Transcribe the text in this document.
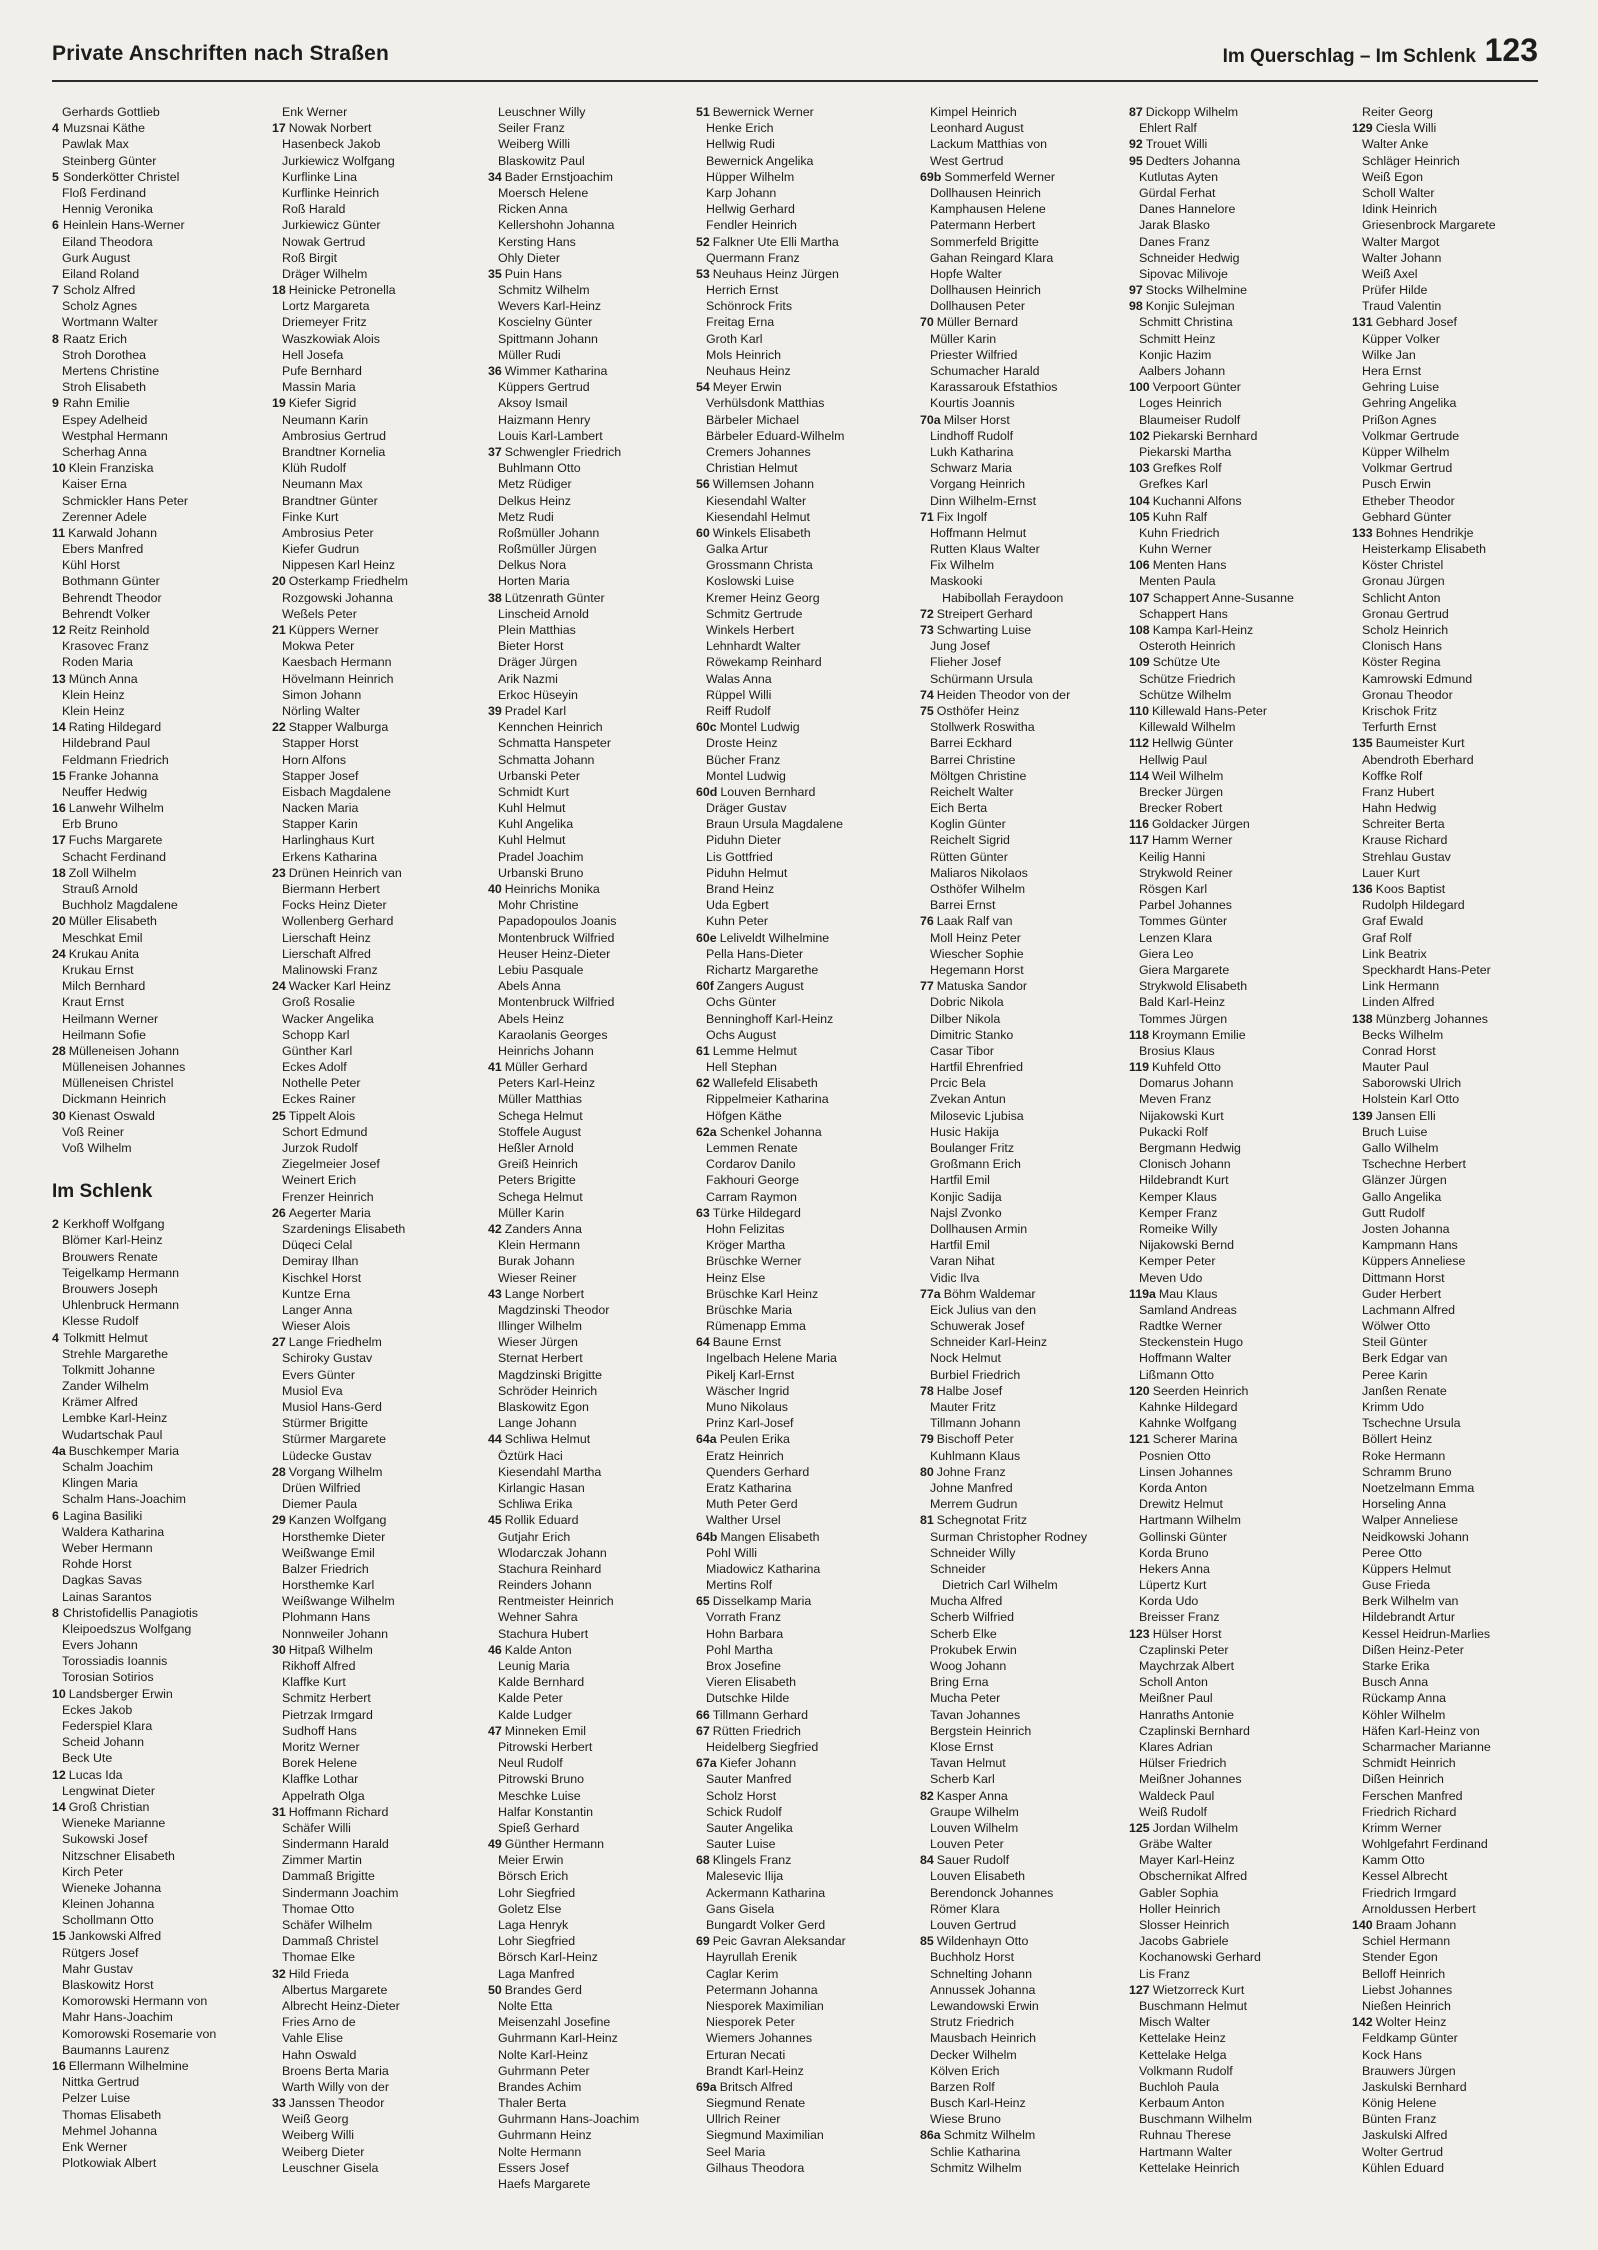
Private Anschriften nach Straßen	Im Querschlag – Im Schlenk 123
Gerhards Gottlieb
4 Muzsnai Käthe
Pawlak Max
Steinberg Günter
5 Sonderkötter Christel
Floß Ferdinand
Hennig Veronika
6 Heinlein Hans-Werner
Eiland Theodora
Gurk August
Eiland Roland
7 Scholz Alfred
Scholz Agnes
Wortmann Walter
8 Raatz Erich
Stroh Dorothea
Mertens Christine
Stroh Elisabeth
9 Rahn Emilie
Espey Adelheid
Westphal Hermann
Scherhag Anna
10 Klein Franziska
Kaiser Erna
Schmickler Hans Peter
Zerenner Adele
11 Karwald Johann
Ebers Manfred
Kühl Horst
Bothmann Günter
Behrendt Theodor
Behrendt Volker
12 Reitz Reinhold
Krasovec Franz
Roden Maria
13 Münch Anna
Klein Heinz
Klein Heinz
14 Rating Hildegard
Hildebrand Paul
Feldmann Friedrich
15 Franke Johanna
Neuffer Hedwig
16 Lanwehr Wilhelm
Erb Bruno
17 Fuchs Margarete
Schacht Ferdinand
18 Zoll Wilhelm
Strauß Arnold
Buchholz Magdalene
20 Müller Elisabeth
Meschkat Emil
24 Krukau Anita
Krukau Ernst
Milch Bernhard
Kraut Ernst
Heilmann Werner
Heilmann Sofie
28 Mülleneisen Johann
Mülleneisen Johannes
Mülleneisen Christel
Dickmann Heinrich
30 Kienast Oswald
Voß Reiner
Voß Wilhelm
Im Schlenk
2 Kerkhoff Wolfgang
Blömer Karl-Heinz
Brouwers Renate
Teigelkamp Hermann
Brouwers Joseph
Uhlenbruck Hermann
Klesse Rudolf
4 Tolkmitt Helmut
Strehle Margarethe
Tolkmitt Johanne
Zander Wilhelm
Krämer Alfred
Lembke Karl-Heinz
Wudartschak Paul
4a Buschkemper Maria
Schalm Joachim
Klingen Maria
Schalm Hans-Joachim
6 Lagina Basiliki
Waldera Katharina
Weber Hermann
Rohde Horst
Dagkas Savas
Lainas Sarantos
8 Christofidellis Panagiotis
Kleipoedszus Wolfgang
Evers Johann
Torossiadis Ioannis
Torosian Sotirios
10 Landsberger Erwin
Eckes Jakob
Federspiel Klara
Scheid Johann
Beck Ute
12 Lucas Ida
Lengwinat Dieter
14 Groß Christian
Wieneke Marianne
Sukowski Josef
Nitzschner Elisabeth
Kirch Peter
Wieneke Johanna
Kleinen Johanna
Schollmann Otto
15 Jankowski Alfred
Rütgers Josef
Mahr Gustav
Blaskowitz Horst
Komorowski Hermann von
Mahr Hans-Joachim
Komorowski Rosemarie von
Baumanns Laurenz
16 Ellermann Wilhelmine
Nittka Gertrud
Pelzer Luise
Thomas Elisabeth
Mehmel Johanna
Enk Werner
Plotkowiak Albert
Enk Werner
17 Nowak Norbert
Hasenbeck Jakob
Jurkiewicz Wolfgang
Kurflinke Lina
Kurflinke Heinrich
Roß Harald
Jurkiewicz Günter
Nowak Gertrud
Roß Birgit
Dräger Wilhelm
18 Heinicke Petronella
Lortz Margareta
Driemeyer Fritz
Waszkowiak Alois
Hell Josefa
Pufe Bernhard
Massin Maria
19 Kiefer Sigrid
Neumann Karin
Ambrosius Gertrud
Brandtner Kornelia
Klüh Rudolf
Neumann Max
Brandtner Günter
Finke Kurt
Ambrosius Peter
Kiefer Gudrun
Nippesen Karl Heinz
20 Osterkamp Friedhelm
Rozgowski Johanna
Weßels Peter
21 Küppers Werner
Mokwa Peter
Kaesbach Hermann
Hövelmann Heinrich
Simon Johann
Nörling Walter
22 Stapper Walburga
Stapper Horst
Horn Alfons
Stapper Josef
Eisbach Magdalene
Nacken Maria
Stapper Karin
Harlinghaus Kurt
Erkens Katharina
23 Drünen Heinrich van
Biermann Herbert
Focks Heinz Dieter
Wollenberg Gerhard
Lierschaft Heinz
Lierschaft Alfred
Malinowski Franz
24 Wacker Karl Heinz
Groß Rosalie
Wacker Angelika
Schopp Karl
Günther Karl
Eckes Adolf
Nothelle Peter
Eckes Rainer
25 Tippelt Alois
Schort Edmund
Jurzok Rudolf
Ziegelmeier Josef
Weinert Erich
Frenzer Heinrich
26 Aegerter Maria
Szardenings Elisabeth
Düqeci Celal
Demiray Ilhan
Kischkel Horst
Kuntze Erna
Langer Anna
Wieser Alois
27 Lange Friedhelm
Schiroky Gustav
Evers Günter
Musiol Eva
Musiol Hans-Gerd
Stürmer Brigitte
Stürmer Margarete
Lüdecke Gustav
28 Vorgang Wilhelm
Drüen Wilfried
Diemer Paula
29 Kanzen Wolfgang
Horsthemke Dieter
Weißwange Emil
Balzer Friedrich
Horsthemke Karl
Weißwange Wilhelm
Plohmann Hans
Nonnweiler Johann
30 Hitpaß Wilhelm
Rikhoff Alfred
Klaffke Kurt
Schmitz Herbert
Pietrzak Irmgard
Sudhoff Hans
Moritz Werner
Borek Helene
Klaffke Lothar
Appelrath Olga
31 Hoffmann Richard
Schäfer Willi
Sindermann Harald
Zimmer Martin
Dammaß Brigitte
Sindermann Joachim
Thomae Otto
Schäfer Wilhelm
Dammaß Christel
Thomae Elke
32 Hild Frieda
Albertus Margarete
Albrecht Heinz-Dieter
Fries Arno de
Vahle Elise
Hahn Oswald
Broens Berta Maria
Warth Willy von der
33 Janssen Theodor
Weiß Georg
Weiberg Willi
Weiberg Dieter
Leuschner Gisela
Leuschner Willy
Seiler Franz
Weiberg Willi
Blaskowitz Paul
34 Bader Ernstjoachim
Moersch Helene
Ricken Anna
Kellershohn Johanna
Kersting Hans
Ohly Dieter
35 Puin Hans
Schmitz Wilhelm
Wevers Karl-Heinz
Koscielny Günter
Spittmann Johann
Müller Rudi
36 Wimmer Katharina
Küppers Gertrud
Aksoy Ismail
Haizmann Henry
Louis Karl-Lambert
37 Schwengler Friedrich
Buhlmann Otto
Metz Rüdiger
Delkus Heinz
Metz Rudi
Roßmüller Johann
Roßmüller Jürgen
Delkus Nora
Horten Maria
38 Lützenrath Günter
Linscheid Arnold
Plein Matthias
Bieter Horst
Dräger Jürgen
Arik Nazmi
Erkoc Hüseyin
39 Pradel Karl
Kennchen Heinrich
Schmatta Hanspeter
Schmatta Johann
Urbanski Peter
Schmidt Kurt
Kuhl Helmut
Kuhl Angelika
Kuhl Helmut
Pradel Joachim
Urbanski Bruno
40 Heinrichs Monika
Mohr Christine
Papadopoulos Joanis
Montenbruck Wilfried
Heuser Heinz-Dieter
Lebiu Pasquale
Abels Anna
Montenbruck Wilfried
Abels Heinz
Karaolanis Georges
Heinrichs Johann
41 Müller Gerhard
Peters Karl-Heinz
Müller Matthias
Schega Helmut
Stoffele August
Heßler Arnold
Greiß Heinrich
Peters Brigitte
Schega Helmut
Müller Karin
42 Zanders Anna
Klein Hermann
Burak Johann
Wieser Reiner
43 Lange Norbert
Magdzinski Theodor
Illinger Wilhelm
Wieser Jürgen
Sternat Herbert
Magdzinski Brigitte
Schröder Heinrich
Blaskowitz Egon
Lange Johann
44 Schliwa Helmut
Öztürk Haci
Kiesendahl Martha
Kirlangic Hasan
Schliwa Erika
45 Rollik Eduard
Gutjahr Erich
Wlodarczak Johann
Stachura Reinhard
Reinders Johann
Rentmeister Heinrich
Wehner Sahra
Stachura Hubert
46 Kalde Anton
Leunig Maria
Kalde Bernhard
Kalde Peter
Kalde Ludger
47 Minneken Emil
Pitrowski Herbert
Neul Rudolf
Pitrowski Bruno
Meschke Luise
Halfar Konstantin
Spieß Gerhard
49 Günther Hermann
Meier Erwin
Börsch Erich
Lohr Siegfried
Goletz Else
Laga Henryk
Lohr Siegfried
Börsch Karl-Heinz
Laga Manfred
50 Brandes Gerd
Nolte Etta
Meisenzahl Josefine
Guhrmann Karl-Heinz
Nolte Karl-Heinz
Guhrmann Peter
Brandes Achim
Thaler Berta
Guhrmann Hans-Joachim
Guhrmann Heinz
Nolte Hermann
Essers Josef
Haefs Margarete
51 Bewernick Werner
Henke Erich
Hellwig Rudi
Bewernick Angelika
Hüpper Wilhelm
Karp Johann
Hellwig Gerhard
Fendler Heinrich
52 Falkner Ute Elli Martha
Quermann Franz
53 Neuhaus Heinz Jürgen
Herrich Ernst
Schönrock Frits
Freitag Erna
Groth Karl
Mols Heinrich
Neuhaus Heinz
54 Meyer Erwin
Verhülsdonk Matthias
Bärbeler Michael
Bärbeler Eduard-Wilhelm
Cremers Johannes
Christian Helmut
56 Willemsen Johann
Kiesendahl Walter
Kiesendahl Helmut
60 Winkels Elisabeth
Galka Artur
Grossmann Christa
Koslowski Luise
Kremer Heinz Georg
Schmitz Gertrude
Winkels Herbert
Lehnhardt Walter
Röwekamp Reinhard
Walas Anna
Rüppel Willi
Reiff Rudolf
60c Montel Ludwig
Droste Heinz
Bücher Franz
Montel Ludwig
60d Louven Bernhard
Dräger Gustav
Braun Ursula Magdalene
Piduhn Dieter
Lis Gottfried
Piduhn Helmut
Brand Heinz
Uda Egbert
Kuhn Peter
60e Leliveldt Wilhelmine
Pella Hans-Dieter
Richartz Margarethe
60f Zangers August
Ochs Günter
Benninghoff Karl-Heinz
Ochs August
61 Lemme Helmut
Hell Stephan
62 Wallefeld Elisabeth
Rippelmeier Katharina
Höfgen Käthe
62a Schenkel Johanna
Lemmen Renate
Cordarov Danilo
Fakhouri George
Carram Raymon
63 Türke Hildegard
Hohn Felizitas
Kröger Martha
Brüschke Werner
Heinz Else
Brüschke Karl Heinz
Brüschke Maria
Rümenapp Emma
64 Baune Ernst
Ingelbach Helene Maria
Pikelj Karl-Ernst
Wäscher Ingrid
Muno Nikolaus
Prinz Karl-Josef
64a Peulen Erika
Eratz Heinrich
Quenders Gerhard
Eratz Katharina
Muth Peter Gerd
Walther Ursel
64b Mangen Elisabeth
Pohl Willi
Miadowicz Katharina
Mertins Rolf
65 Disselkamp Maria
Vorrath Franz
Hohn Barbara
Pohl Martha
Brox Josefine
Vieren Elisabeth
Dutschke Hilde
66 Tillmann Gerhard
67 Rütten Friedrich
Heidelberg Siegfried
67a Kiefer Johann
Sauter Manfred
Scholz Horst
Schick Rudolf
Sauter Angelika
Sauter Luise
68 Klingels Franz
Malesevic Ilija
Ackermann Katharina
Gans Gisela
Bungardt Volker Gerd
69 Peic Gavran Aleksandar
Hayrullah Erenik
Caglar Kerim
Petermann Johanna
Niesporek Maximilian
Niesporek Peter
Wiemers Johannes
Erturan Necati
Brandt Karl-Heinz
69a Britsch Alfred
Siegmund Renate
Ullrich Reiner
Siegmund Maximilian
Seel Maria
Gilhaus Theodora
Kimpel Heinrich
Leonhard August
Lackum Matthias von
West Gertrud
69b Sommerfeld Werner
Dollhausen Heinrich
Kamphausen Helene
Patermann Herbert
Sommerfeld Brigitte
Gahan Reingard Klara
Hopfe Walter
Dollhausen Heinrich
Dollhausen Peter
70 Müller Bernard
Müller Karin
Priester Wilfried
Schumacher Harald
Karassarouk Efstathios
Kourtis Joannis
70a Milser Horst
Lindhoff Rudolf
Lukh Katharina
Schwarz Maria
Vorgang Heinrich
Dinn Wilhelm-Ernst
71 Fix Ingolf
Hoffmann Helmut
Rutten Klaus Walter
Fix Wilhelm
Maskooki
Habibollah Feraydoon
72 Streipert Gerhard
73 Schwarting Luise
Jung Josef
Flieher Josef
Schürmann Ursula
74 Heiden Theodor von der
75 Osthöfer Heinz
Stollwerk Roswitha
Barrei Eckhard
Barrei Christine
Möltgen Christine
Reichelt Walter
Eich Berta
Koglin Günter
Reichelt Sigrid
Rütten Günter
Maliaros Nikolaos
Osthöfer Wilhelm
Barrei Ernst
76 Laak Ralf van
Moll Heinz Peter
Wiescher Sophie
Hegemann Horst
77 Matuska Sandor
Dobric Nikola
Dilber Nikola
Dimitric Stanko
Casar Tibor
Hartfil Ehrenfried
Prcic Bela
Zvekan Antun
Milosevic Ljubisa
Husic Hakija
Boulanger Fritz
Großmann Erich
Hartfil Emil
Konjic Sadija
Najsl Zvonko
Dollhausen Armin
Hartfil Emil
Varan Nihat
Vidic Ilva
77a Böhm Waldemar
Eick Julius van den
Schuwerak Josef
Schneider Karl-Heinz
Nock Helmut
Burbiel Friedrich
78 Halbe Josef
Mauter Fritz
Tillmann Johann
79 Bischoff Peter
Kuhlmann Klaus
80 Johne Franz
Johne Manfred
Merrem Gudrun
81 Schegnotat Fritz
Surman Christopher Rodney
Schneider Willy
Schneider
Dietrich Carl Wilhelm
Mucha Alfred
Scherb Wilfried
Scherb Elke
Prokubek Erwin
Woog Johann
Bring Erna
Mucha Peter
Tavan Johannes
Bergstein Heinrich
Klose Ernst
Tavan Helmut
Scherb Karl
82 Kasper Anna
Graupe Wilhelm
Louven Wilhelm
Louven Peter
84 Sauer Rudolf
Louven Elisabeth
Berendonck Johannes
Römer Klara
Louven Gertrud
85 Wildenhayn Otto
Buchholz Horst
Schnelting Johann
Annussek Johanna
Lewandowski Erwin
Strutz Friedrich
Mausbach Heinrich
Decker Wilhelm
Kölven Erich
Barzen Rolf
Busch Karl-Heinz
Wiese Bruno
86a Schmitz Wilhelm
Schlie Katharina
Schmitz Wilhelm
87 Dickopp Wilhelm
Ehlert Ralf
92 Trouet Willi
95 Dedters Johanna
Kutlutas Ayten
Gürdal Ferhat
Danes Hannelore
Jarak Blasko
Danes Franz
Schneider Hedwig
Sipovac Milivoje
97 Stocks Wilhelmine
98 Konjic Sulejman
Schmitt Christina
Schmitt Heinz
Konjic Hazim
Aalbers Johann
100 Verpoort Günter
Loges Heinrich
Blaumeiser Rudolf
102 Piekarski Bernhard
Piekarski Martha
103 Grefkes Rolf
Grefkes Karl
104 Kuchanni Alfons
105 Kuhn Ralf
Kuhn Friedrich
Kuhn Werner
106 Menten Hans
Menten Paula
107 Schappert Anne-Susanne
Schappert Hans
108 Kampa Karl-Heinz
Osteroth Heinrich
109 Schütze Ute
Schütze Friedrich
Schütze Wilhelm
110 Killewald Hans-Peter
Killewald Wilhelm
112 Hellwig Günter
Hellwig Paul
114 Weil Wilhelm
Brecker Jürgen
Brecker Robert
116 Goldacker Jürgen
117 Hamm Werner
Keilig Hanni
Strykwold Reiner
Rösgen Karl
Parbel Johannes
Tommes Günter
Lenzen Klara
Giera Leo
Giera Margarete
Strykwold Elisabeth
Bald Karl-Heinz
Tommes Jürgen
118 Kroymann Emilie
Brosius Klaus
119 Kuhfeld Otto
Domarus Johann
Meven Franz
Nijakowski Kurt
Pukacki Rolf
Bergmann Hedwig
Clonisch Johann
Hildebrandt Kurt
Kemper Klaus
Kemper Franz
Romeike Willy
Nijakowski Bernd
Kemper Peter
Meven Udo
119a Mau Klaus
Samland Andreas
Radtke Werner
Steckenstein Hugo
Hoffmann Walter
Lißmann Otto
120 Seerden Heinrich
Kahnke Hildegard
Kahnke Wolfgang
121 Scherer Marina
Posnien Otto
Linsen Johannes
Korda Anton
Drewitz Helmut
Hartmann Wilhelm
Gollinski Günter
Korda Bruno
Hekers Anna
Lüpertz Kurt
Korda Udo
Breisser Franz
123 Hülser Horst
Czaplinski Peter
Maychrzak Albert
Scholl Anton
Meißner Paul
Hanraths Antonie
Czaplinski Bernhard
Klares Adrian
Hülser Friedrich
Meißner Johannes
Waldeck Paul
Weiß Rudolf
125 Jordan Wilhelm
Gräbe Walter
Mayer Karl-Heinz
Obschernikat Alfred
Gabler Sophia
Holler Heinrich
Slosser Heinrich
Jacobs Gabriele
Kochanowski Gerhard
Lis Franz
127 Wietzorreck Kurt
Buschmann Helmut
Misch Walter
Kettelake Heinz
Kettelake Helga
Volkmann Rudolf
Buchloh Paula
Kerbaum Anton
Buschmann Wilhelm
Ruhnau Therese
Hartmann Walter
Kettelake Heinrich
Reiter Georg
129 Ciesla Willi
Walter Anke
Schläger Heinrich
Weiß Egon
Scholl Walter
Idink Heinrich
Griesenbrock Margarete
Walter Margot
Walter Johann
Weiß Axel
Prüfer Hilde
Traud Valentin
131 Gebhard Josef
Küpper Volker
Wilke Jan
Hera Ernst
Gehring Luise
Gehring Angelika
Prißon Agnes
Volkmar Gertrude
Küpper Wilhelm
Volkmar Gertrud
Pusch Erwin
Etheber Theodor
Gebhard Günter
133 Bohnes Hendrikje
Heisterkamp Elisabeth
Köster Christel
Gronau Jürgen
Schlicht Anton
Gronau Gertrud
Scholz Heinrich
Clonisch Hans
Köster Regina
Kamrowski Edmund
Gronau Theodor
Krischok Fritz
Terfurth Ernst
135 Baumeister Kurt
Abendroth Eberhard
Koffke Rolf
Franz Hubert
Hahn Hedwig
Schreiter Berta
Krause Richard
Strehlau Gustav
Lauer Kurt
136 Koos Baptist
Rudolph Hildegard
Graf Ewald
Graf Rolf
Link Beatrix
Speckhardt Hans-Peter
Link Hermann
Linden Alfred
138 Münzberg Johannes
Becks Wilhelm
Conrad Horst
Mauter Paul
Saborowski Ulrich
Holstein Karl Otto
139 Jansen Elli
Bruch Luise
Gallo Wilhelm
Tschechne Herbert
Glänzer Jürgen
Gallo Angelika
Gutt Rudolf
Josten Johanna
Kampmann Hans
Küppers Anneliese
Dittmann Horst
Guder Herbert
Lachmann Alfred
Wölwer Otto
Steil Günter
Berk Edgar van
Peree Karin
Janßen Renate
Krimm Udo
Tschechne Ursula
Böllert Heinz
Roke Hermann
Schramm Bruno
Noetzelmann Emma
Horseling Anna
Walper Anneliese
Neidkowski Johann
Peree Otto
Küppers Helmut
Guse Frieda
Berk Wilhelm van
Hildebrandt Artur
Kessel Heidrun-Marlies
Dißen Heinz-Peter
Starke Erika
Busch Anna
Rückamp Anna
Köhler Wilhelm
Häfen Karl-Heinz von
Scharmacher Marianne
Schmidt Heinrich
Dißen Heinrich
Ferschen Manfred
Friedrich Richard
Krimm Werner
Wohlgefahrt Ferdinand
Kamm Otto
Kessel Albrecht
Friedrich Irmgard
Arnoldussen Herbert
140 Braam Johann
Schiel Hermann
Stender Egon
Belloff Heinrich
Liebst Johannes
Nießen Heinrich
142 Wolter Heinz
Feldkamp Günter
Kock Hans
Brauwers Jürgen
Jaskulski Bernhard
König Helene
Bünten Franz
Jaskulski Alfred
Wolter Gertrud
Kühlen Eduard
